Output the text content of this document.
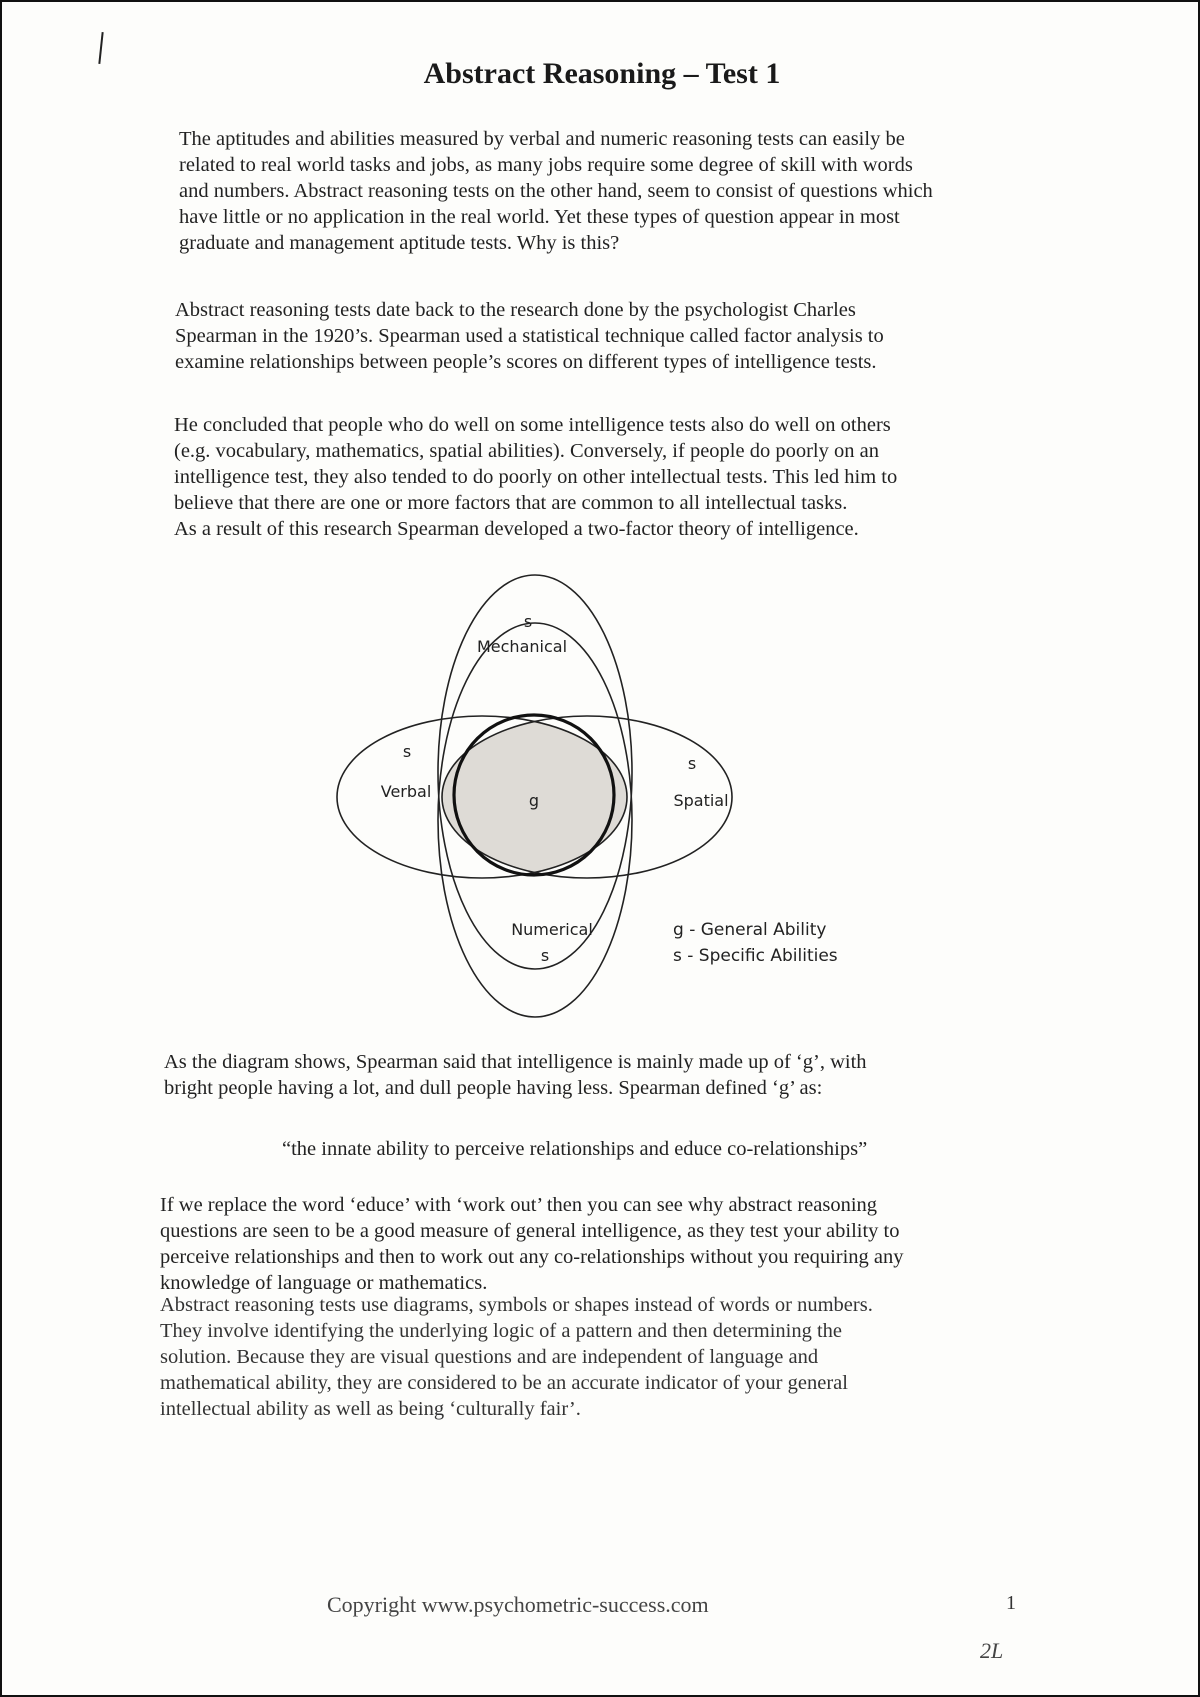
Abstract Reasoning – Test 1

The aptitudes and abilities measured by verbal and numeric reasoning tests can easily be
related to real world tasks and jobs, as many jobs require some degree of skill with words
and numbers. Abstract reasoning tests on the other hand, seem to consist of questions which
have little or no application in the real world. Yet these types of question appear in most
graduate and management aptitude tests. Why is this?

Abstract reasoning tests date back to the research done by the psychologist Charles
Spearman in the 1920’s. Spearman used a statistical technique called factor analysis to
examine relationships between people’s scores on different types of intelligence tests.

He concluded that people who do well on some intelligence tests also do well on others
(e.g. vocabulary, mathematics, spatial abilities). Conversely, if people do poorly on an
intelligence test, they also tended to do poorly on other intellectual tests. This led him to
believe that there are one or more factors that are common to all intellectual tasks.
As a result of this research Spearman developed a two-factor theory of intelligence.

s
Mechanical
s
Verbal	g
s
Spatial
Numerical
s
g - General Ability
s - Specific Abilities

As the diagram shows, Spearman said that intelligence is mainly made up of ‘g’, with
bright people having a lot, and dull people having less. Spearman defined ‘g’ as:

“the innate ability to perceive relationships and educe co-relationships”

If we replace the word ‘educe’ with ‘work out’ then you can see why abstract reasoning
questions are seen to be a good measure of general intelligence, as they test your ability to
perceive relationships and then to work out any co-relationships without you requiring any
knowledge of language or mathematics.

Abstract reasoning tests use diagrams, symbols or shapes instead of words or numbers.
They involve identifying the underlying logic of a pattern and then determining the
solution. Because they are visual questions and are independent of language and
mathematical ability, they are considered to be an accurate indicator of your general
intellectual ability as well as being ‘culturally fair’.

Copyright www.psychometric-success.com	1
2L
